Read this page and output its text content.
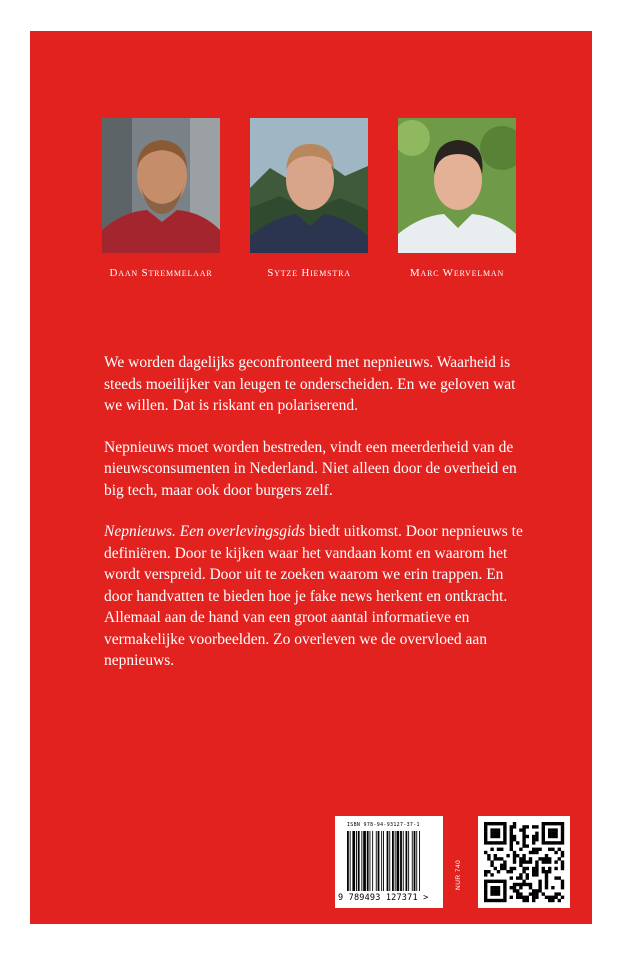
Daan Stremmelaar	Sytze Hiemstra	Marc Wervelman

We worden dagelijks geconfronteerd met nepnieuws. Waarheid is steeds moeilijker van leugen te onderscheiden. En we geloven wat we willen. Dat is riskant en polariserend.

Nepnieuws moet worden bestreden, vindt een meerderheid van de nieuwsconsumenten in Nederland. Niet alleen door de overheid en big tech, maar ook door burgers zelf.

Nepnieuws. Een overlevingsgids biedt uitkomst. Door nepnieuws te definiëren. Door te kijken waar het vandaan komt en waarom het wordt verspreid. Door uit te zoeken waarom we erin trappen. En door handvatten te bieden hoe je fake news herkent en ontkracht. Allemaal aan de hand van een groot aantal informatieve en vermakelijke voorbeelden. Zo overleven we de overvloed aan nepnieuws.

ISBN 978-94-93127-37-1
9 789493 127371 >
NUR 740
